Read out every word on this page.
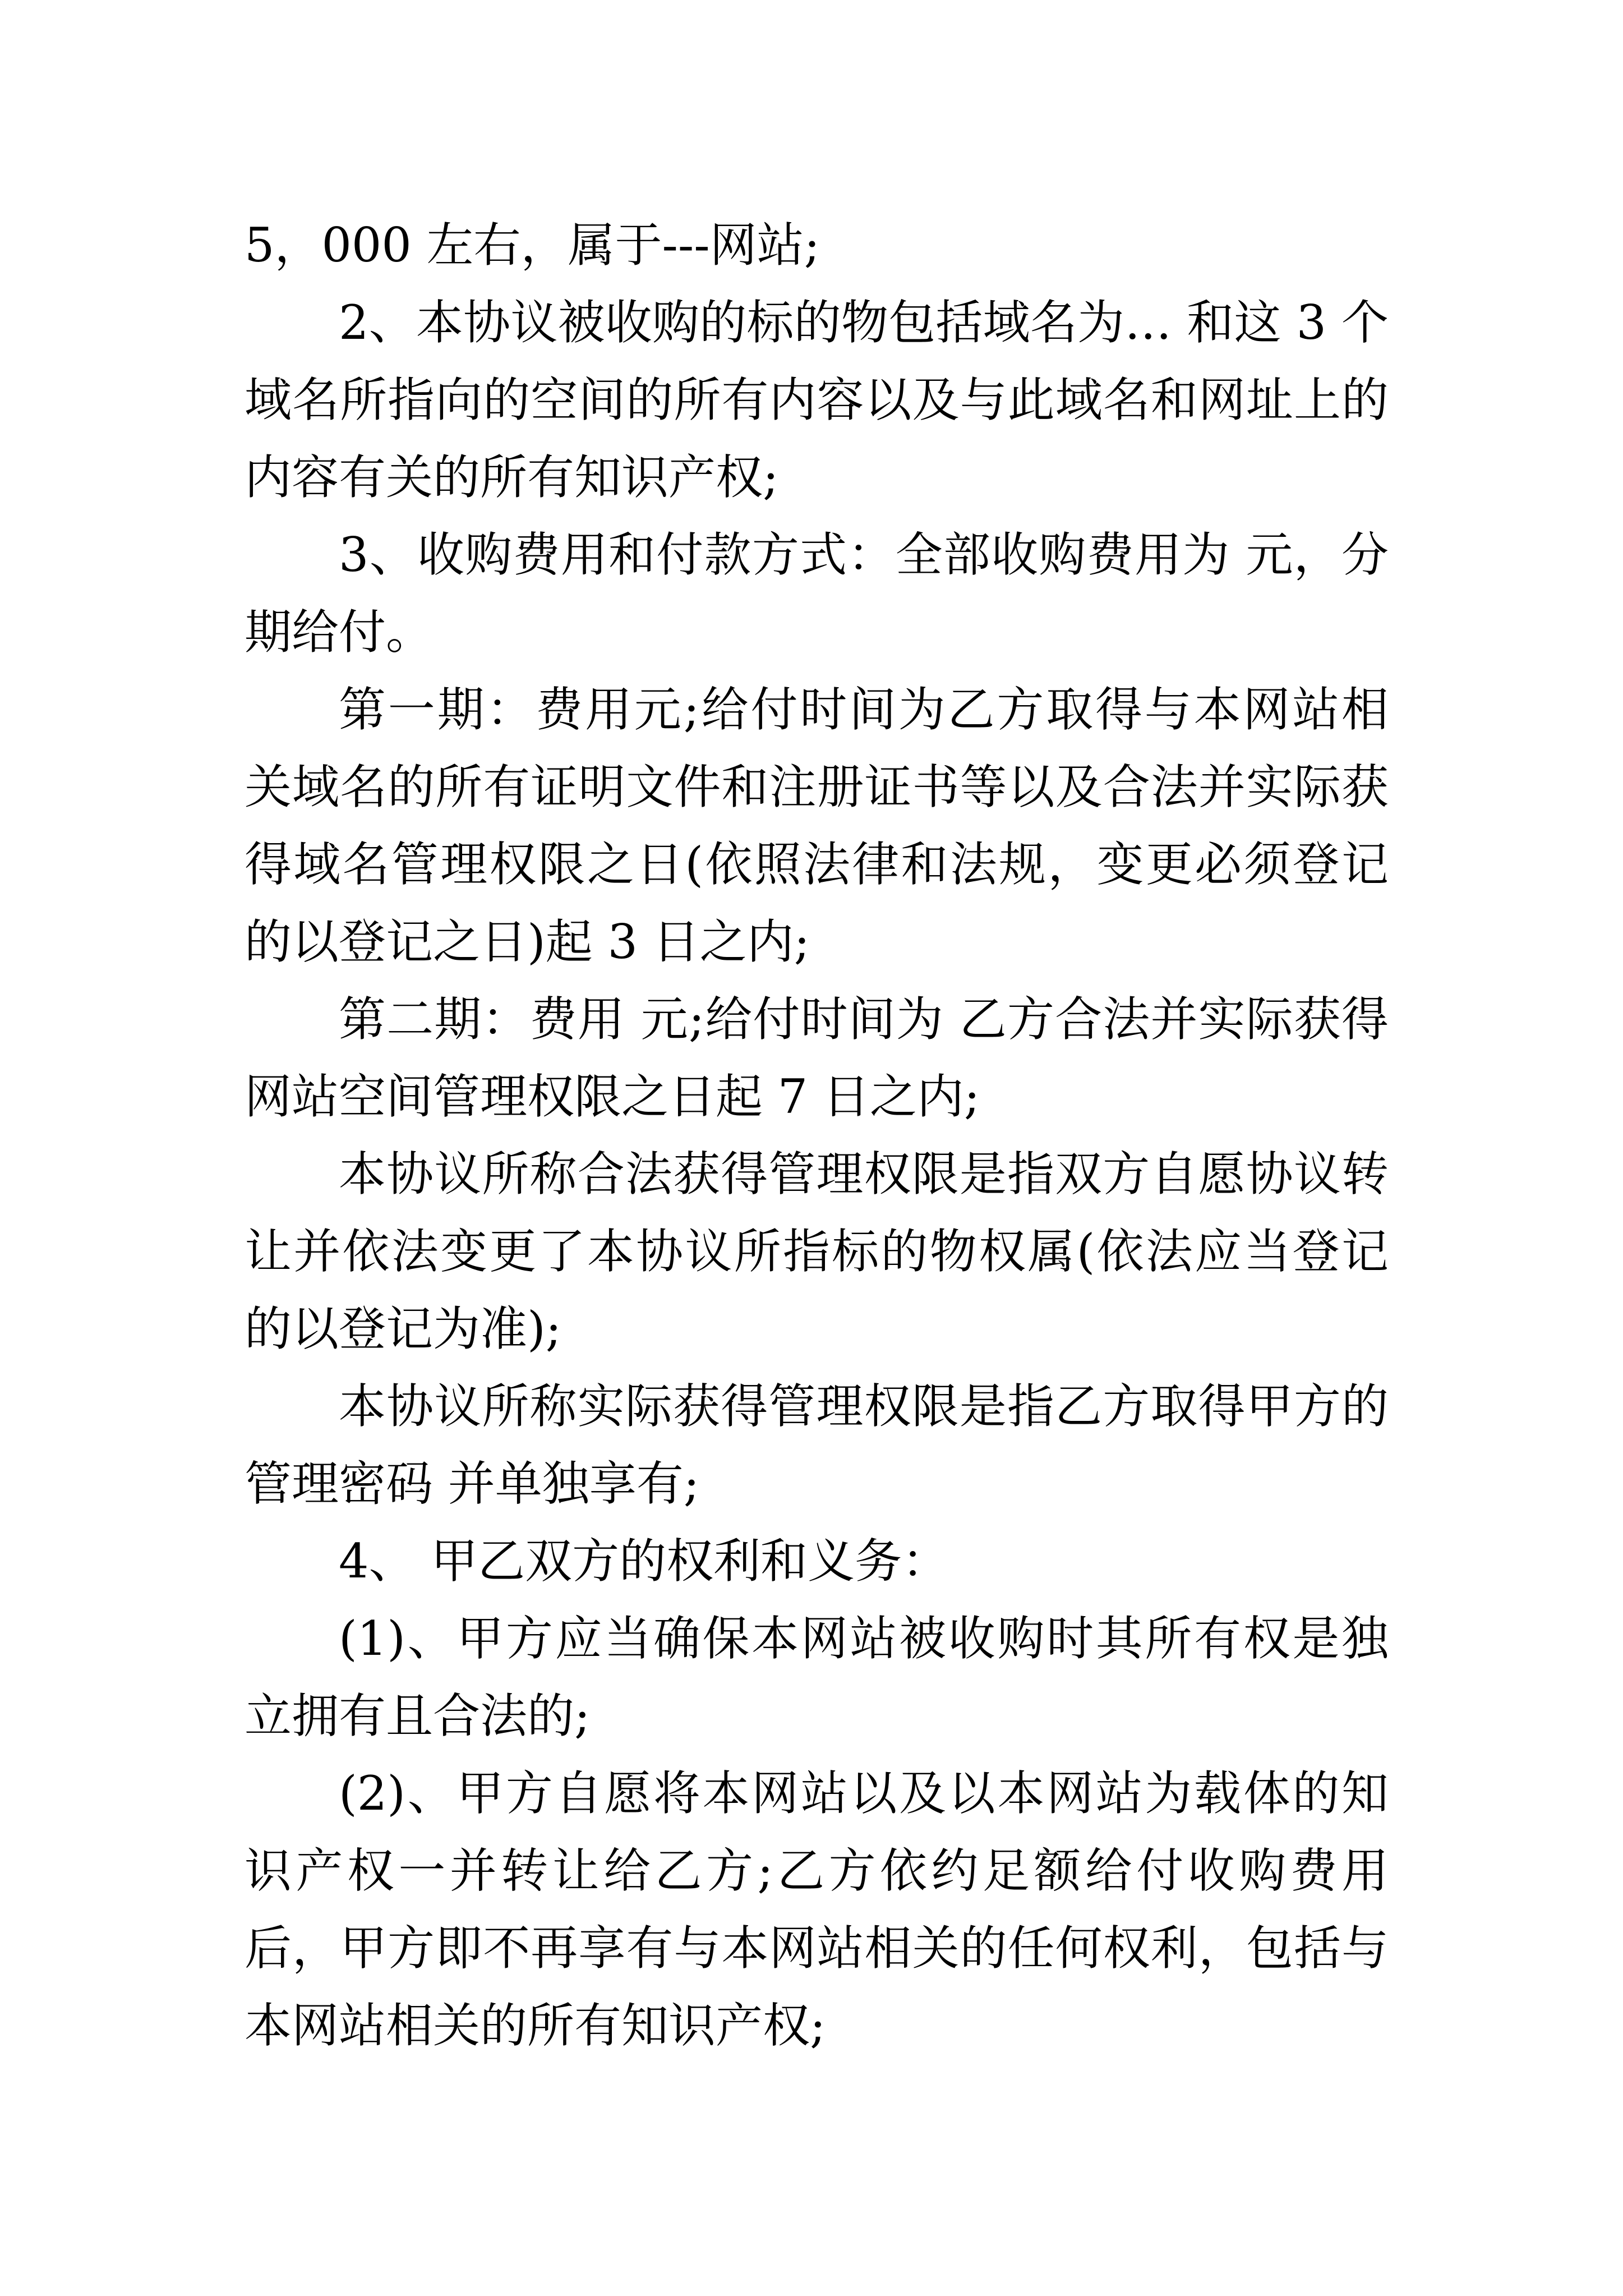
5，000 左右，属于---网站;

2、本协议被收购的标的物包括域名为… 和这 3 个域名所指向的空间的所有内容以及与此域名和网址上的内容有关的所有知识产权;

3、收购费用和付款方式：全部收购费用为 元，分 期给付。

第一期：费用元;给付时间为乙方取得与本网站相关域名的所有证明文件和注册证书等以及合法并实际获得域名管理权限之日(依照法律和法规，变更必须登记的以登记之日)起 3 日之内;

第二期：费用 元;给付时间为 乙方合法并实际获得网站空间管理权限之日起 7 日之内;

本协议所称合法获得管理权限是指双方自愿协议转让并依法变更了本协议所指标的物权属(依法应当登记的以登记为准);

本协议所称实际获得管理权限是指乙方取得甲方的管理密码 并单独享有;

4、 甲乙双方的权利和义务：

(1)、甲方应当确保本网站被收购时其所有权是独立拥有且合法的;

(2)、甲方自愿将本网站以及以本网站为载体的知识产权一并转让给乙方;乙方依约足额给付收购费用后，甲方即不再享有与本网站相关的任何权利，包括与本网站相关的所有知识产权;
